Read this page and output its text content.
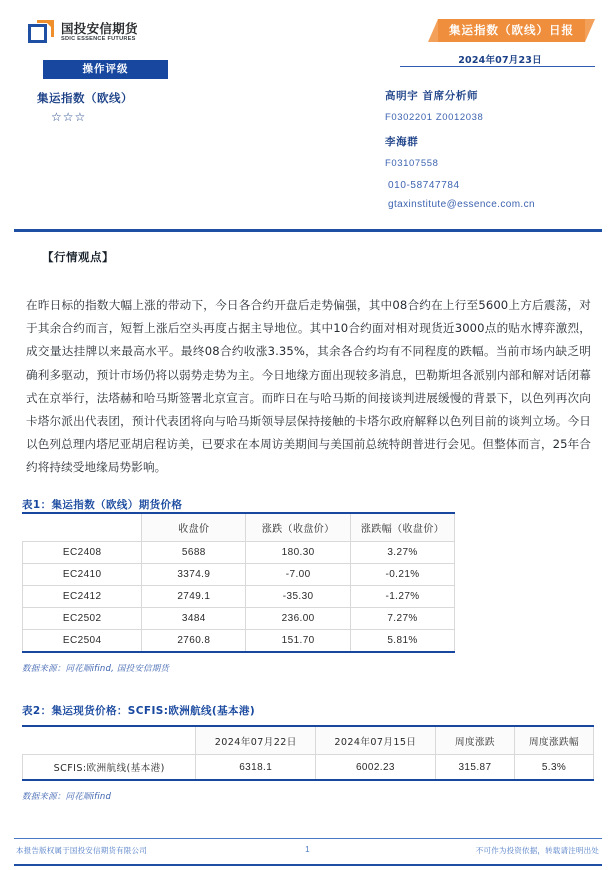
国投安信期货
SDIC ESSENCE FUTURES
操作评级
集运指数（欧线）
☆☆☆
集运指数（欧线）日报
2024年07月23日
高明宇 首席分析师
F0302201 Z0012038
李海群
F03107558
010-58747784
gtaxinstitute@essence.com.cn
【行情观点】
在昨日标的指数大幅上涨的带动下，今日各合约开盘后走势偏强，其中08合约在上行至5600上方后震荡，对于其余合约而言，短暂上涨后空头再度占据主导地位。其中10合约面对相对现货近3000点的贴水博弈激烈，成交量达挂牌以来最高水平。最终08合约收涨3.35%，其余各合约均有不同程度的跌幅。当前市场内缺乏明确利多驱动，预计市场仍将以弱势走势为主。今日地缘方面出现较多消息，巴勒斯坦各派别内部和解对话闭幕式在京举行，法塔赫和哈马斯签署北京宣言。而昨日在与哈马斯的间接谈判进展缓慢的背景下，以色列再次向卡塔尔派出代表团，预计代表团将向与哈马斯领导层保持接触的卡塔尔政府解释以色列目前的谈判立场。今日以色列总理内塔尼亚胡启程访美，已要求在本周访美期间与美国前总统特朗普进行会见。但整体而言，25年合约将持续受地缘局势影响。
表1：集运指数（欧线）期货价格
	收盘价	涨跌（收盘价）	涨跌幅（收盘价）
EC2408	5688	180.30	3.27%
EC2410	3374.9	-7.00	-0.21%
EC2412	2749.1	-35.30	-1.27%
EC2502	3484	236.00	7.27%
EC2504	2760.8	151.70	5.81%
数据来源：同花顺ifind, 国投安信期货
表2：集运现货价格：SCFIS:欧洲航线(基本港)
	2024年07月22日	2024年07月15日	周度涨跌	周度涨跌幅
SCFIS:欧洲航线(基本港)	6318.1	6002.23	315.87	5.3%
数据来源：同花顺ifind
本报告版权属于国投安信期货有限公司	1	不可作为投资依据，转载请注明出处
